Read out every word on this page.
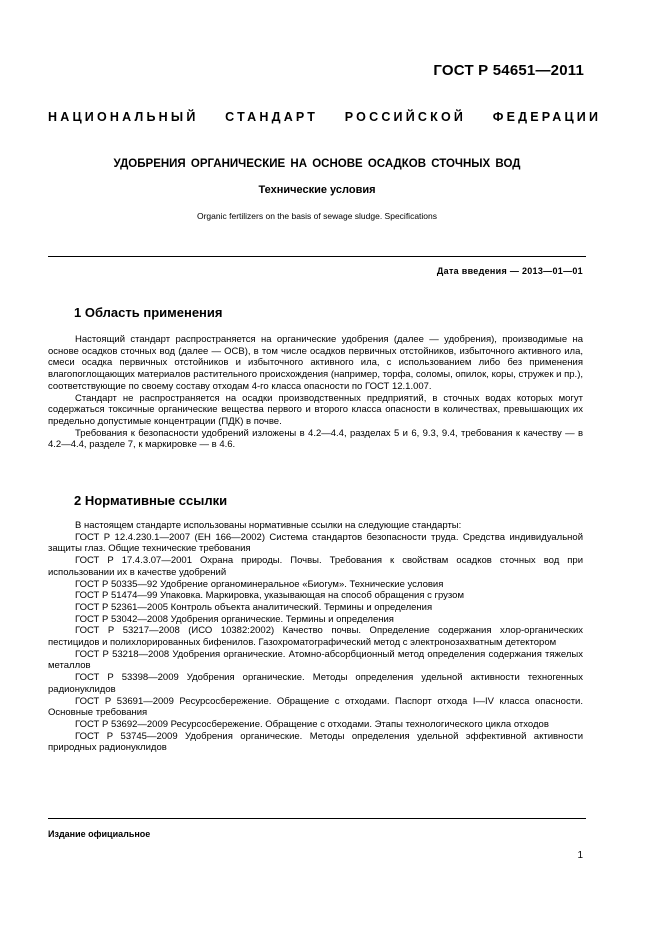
ГОСТ Р 54651—2011
НАЦИОНАЛЬНЫЙ СТАНДАРТ РОССИЙСКОЙ ФЕДЕРАЦИИ
УДОБРЕНИЯ ОРГАНИЧЕСКИЕ НА ОСНОВЕ ОСАДКОВ СТОЧНЫХ ВОД
Технические условия
Organic fertilizers on the basis of sewage sludge. Specifications
Дата введения — 2013—01—01
1 Область применения

Настоящий стандарт распространяется на органические удобрения (далее — удобрения), производимые на основе осадков сточных вод (далее — ОСВ), в том числе осадков первичных отстойников, избыточного активного ила, смеси осадка первичных отстойников и избыточного активного ила, с использованием либо без применения влагопоглощающих материалов растительного происхождения (например, торфа, соломы, опилок, коры, стружек и пр.), соответствующие по своему составу отходам 4-го класса опасности по ГОСТ 12.1.007.

Стандарт не распространяется на осадки производственных предприятий, в сточных водах которых могут содержаться токсичные органические вещества первого и второго класса опасности в количествах, превышающих их предельно допустимые концентрации (ПДК) в почве.

Требования к безопасности удобрений изложены в 4.2—4.4, разделах 5 и 6, 9.3, 9.4, требования к качеству — в 4.2—4.4, разделе 7, к маркировке — в 4.6.

2 Нормативные ссылки

В настоящем стандарте использованы нормативные ссылки на следующие стандарты:

ГОСТ Р 12.4.230.1—2007 (ЕН 166—2002) Система стандартов безопасности труда. Средства индивидуальной защиты глаз. Общие технические требования

ГОСТ Р 17.4.3.07—2001 Охрана природы. Почвы. Требования к свойствам осадков сточных вод при использовании их в качестве удобрений

ГОСТ Р 50335—92 Удобрение органоминеральное «Биогум». Технические условия

ГОСТ Р 51474—99 Упаковка. Маркировка, указывающая на способ обращения с грузом

ГОСТ Р 52361—2005 Контроль объекта аналитический. Термины и определения

ГОСТ Р 53042—2008 Удобрения органические. Термины и определения

ГОСТ Р 53217—2008 (ИСО 10382:2002) Качество почвы. Определение содержания хлор-органических пестицидов и полихлорированных бифенилов. Газохроматографический метод с электронозахватным детектором

ГОСТ Р 53218—2008 Удобрения органические. Атомно-абсорбционный метод определения содержания тяжелых металлов

ГОСТ Р 53398—2009 Удобрения органические. Методы определения удельной активности техногенных радионуклидов

ГОСТ Р 53691—2009 Ресурсосбережение. Обращение с отходами. Паспорт отхода I—IV класса опасности. Основные требования

ГОСТ Р 53692—2009 Ресурсосбережение. Обращение с отходами. Этапы технологического цикла отходов

ГОСТ Р 53745—2009 Удобрения органические. Методы определения удельной эффективной активности природных радионуклидов

Издание официальное
1
